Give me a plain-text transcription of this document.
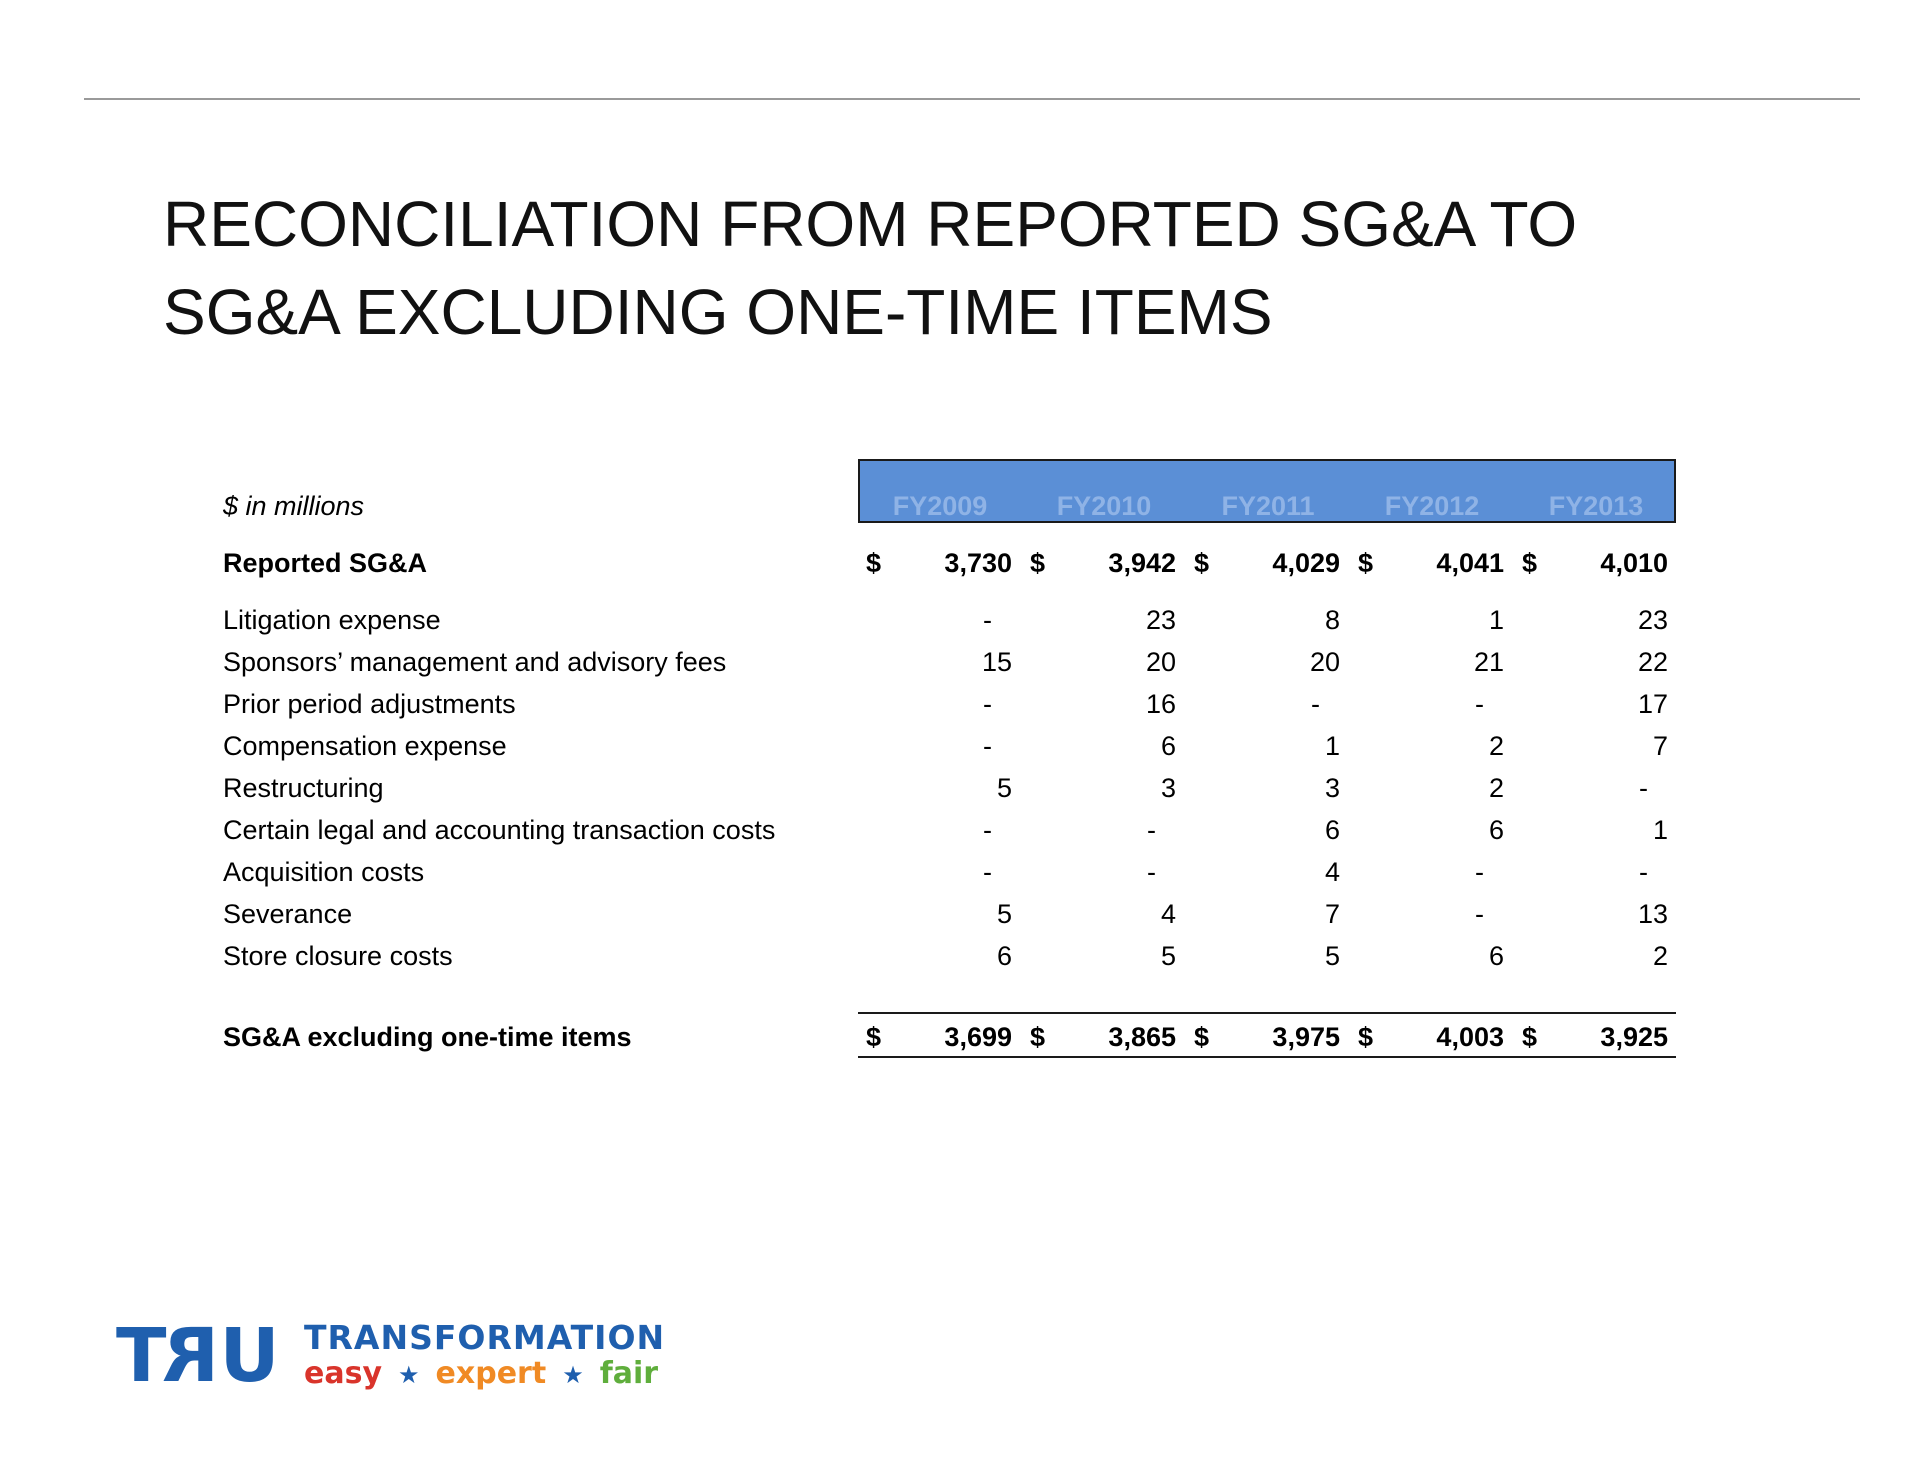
RECONCILIATION FROM REPORTED SG&A TO
SG&A EXCLUDING ONE-TIME ITEMS
$ in millions	FY2009	FY2010	FY2011	FY2012	FY2013
Reported SG&A	$ 3,730 $ 3,942 $ 4,029 $ 4,041 $ 4,010
Litigation expense	-	23	8	1	23
Sponsors’ management and advisory fees	15	20	20	21	22
Prior period adjustments	-	16	-	-	17
Compensation expense	-	6	1	2	7
Restructuring	5	3	3	2	-
Certain legal and accounting transaction costs	-	-	6	6	1
Acquisition costs	-	-	4	-	-
Severance	5	4	7	-	13
Store closure costs	6	5	5	6	2
SG&A excluding one-time items	$ 3,699 $ 3,865 $ 3,975 $ 4,003 $ 3,925
TRU TRANSFORMATION
easy ★ expert ★ fair
